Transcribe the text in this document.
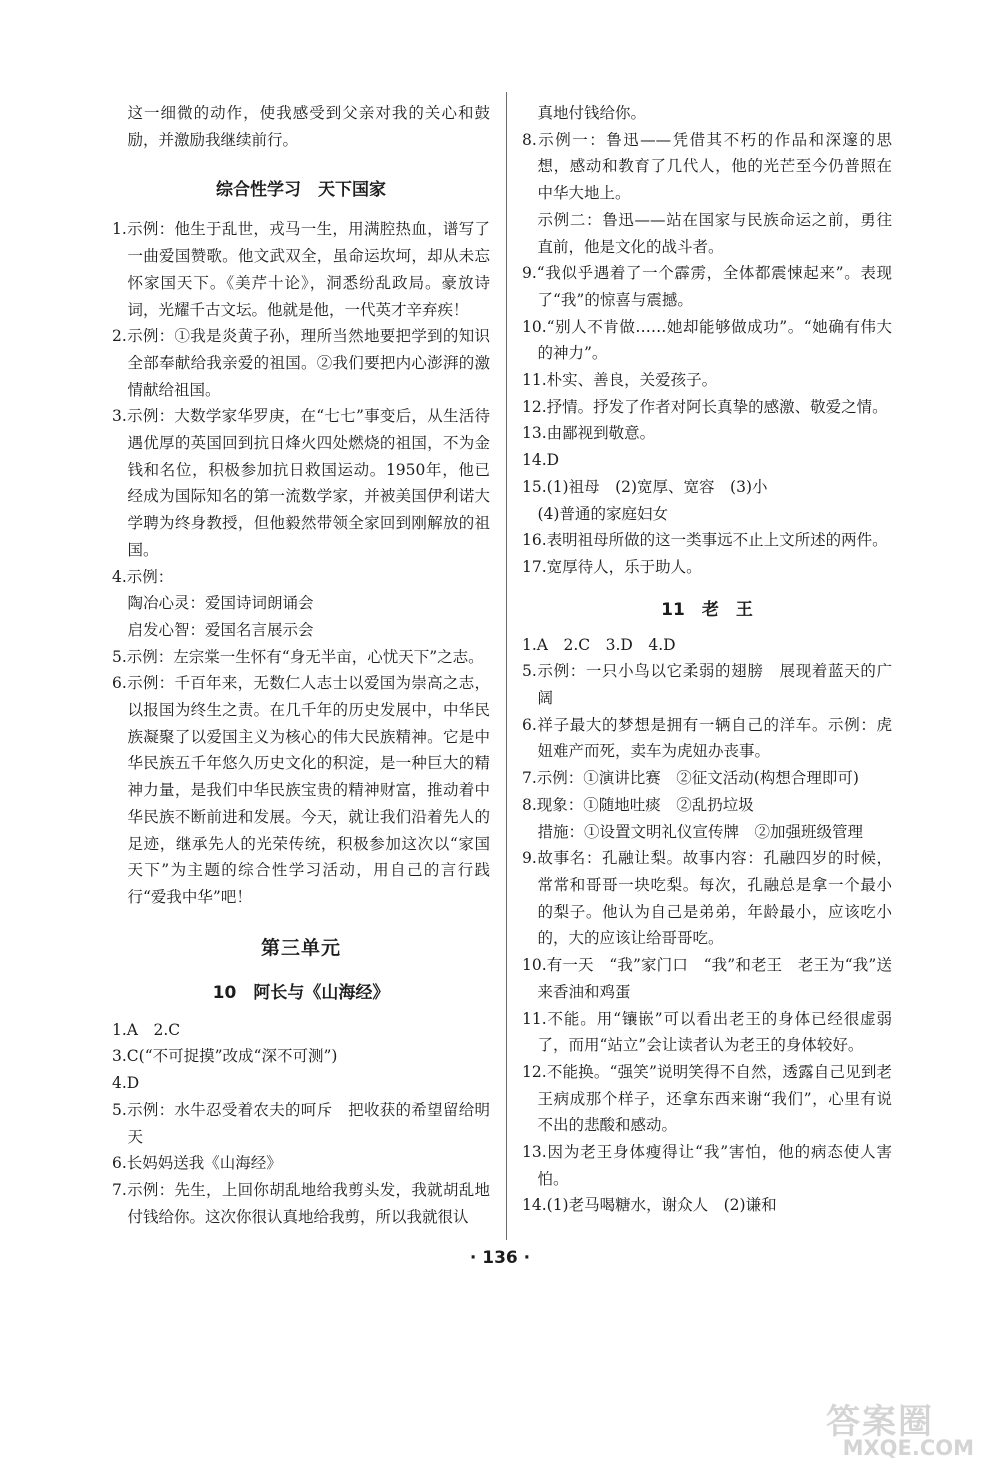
这一细微的动作，使我感受到父亲对我的关心和鼓励，并激励我继续前行。
综合性学习　天下国家
1.示例：他生于乱世，戎马一生，用满腔热血，谱写了一曲爱国赞歌。他文武双全，虽命运坎坷，却从未忘怀家国天下。《美芹十论》，洞悉纷乱政局。豪放诗词，光耀千古文坛。他就是他，一代英才辛弃疾！
2.示例：①我是炎黄子孙，理所当然地要把学到的知识全部奉献给我亲爱的祖国。②我们要把内心澎湃的激情献给祖国。
3.示例：大数学家华罗庚，在“七七”事变后，从生活待遇优厚的英国回到抗日烽火四处燃烧的祖国，不为金钱和名位，积极参加抗日救国运动。1950年，他已经成为国际知名的第一流数学家，并被美国伊利诺大学聘为终身教授，但他毅然带领全家回到刚解放的祖国。
4.示例：
陶冶心灵：爱国诗词朗诵会
启发心智：爱国名言展示会
5.示例：左宗棠一生怀有“身无半亩，心忧天下”之志。
6.示例：千百年来，无数仁人志士以爱国为崇高之志，以报国为终生之责。在几千年的历史发展中，中华民族凝聚了以爱国主义为核心的伟大民族精神。它是中华民族五千年悠久历史文化的积淀，是一种巨大的精神力量，是我们中华民族宝贵的精神财富，推动着中华民族不断前进和发展。今天，就让我们沿着先人的足迹，继承先人的光荣传统，积极参加这次以“家国天下”为主题的综合性学习活动，用自己的言行践行“爱我中华”吧！
第三单元
10　阿长与《山海经》
1.A　2.C
3.C(“不可捉摸”改成“深不可测”)
4.D
5.示例：水牛忍受着农夫的呵斥　把收获的希望留给明天
6.长妈妈送我《山海经》
7.示例：先生，上回你胡乱地给我剪头发，我就胡乱地付钱给你。这次你很认真地给我剪，所以我就很认
真地付钱给你。
8.示例一：鲁迅——凭借其不朽的作品和深邃的思想，感动和教育了几代人，他的光芒至今仍普照在中华大地上。
示例二：鲁迅——站在国家与民族命运之前，勇往直前，他是文化的战斗者。
9.“我似乎遇着了一个霹雳，全体都震悚起来”。表现了“我”的惊喜与震撼。
10.“别人不肯做……她却能够做成功”。“她确有伟大的神力”。
11.朴实、善良，关爱孩子。
12.抒情。抒发了作者对阿长真挚的感激、敬爱之情。
13.由鄙视到敬意。
14.D
15.(1)祖母　(2)宽厚、宽容　(3)小
(4)普通的家庭妇女
16.表明祖母所做的这一类事远不止上文所述的两件。
17.宽厚待人，乐于助人。
11　老　王
1.A　2.C　3.D　4.D
5.示例：一只小鸟以它柔弱的翅膀　展现着蓝天的广阔
6.祥子最大的梦想是拥有一辆自己的洋车。示例：虎妞难产而死，卖车为虎妞办丧事。
7.示例：①演讲比赛　②征文活动(构想合理即可)
8.现象：①随地吐痰　②乱扔垃圾
措施：①设置文明礼仪宣传牌　②加强班级管理
9.故事名：孔融让梨。故事内容：孔融四岁的时候，常常和哥哥一块吃梨。每次，孔融总是拿一个最小的梨子。他认为自己是弟弟，年龄最小，应该吃小的，大的应该让给哥哥吃。
10.有一天　“我”家门口　“我”和老王　老王为“我”送来香油和鸡蛋
11.不能。用“镶嵌”可以看出老王的身体已经很虚弱了，而用“站立”会让读者认为老王的身体较好。
12.不能换。“强笑”说明笑得不自然，透露自己见到老王病成那个样子，还拿东西来谢“我们”，心里有说不出的悲酸和感动。
13.因为老王身体瘦得让“我”害怕，他的病态使人害怕。
14.(1)老马喝糖水，谢众人　(2)谦和
· 136 ·
答案圈
MXQE.COM
